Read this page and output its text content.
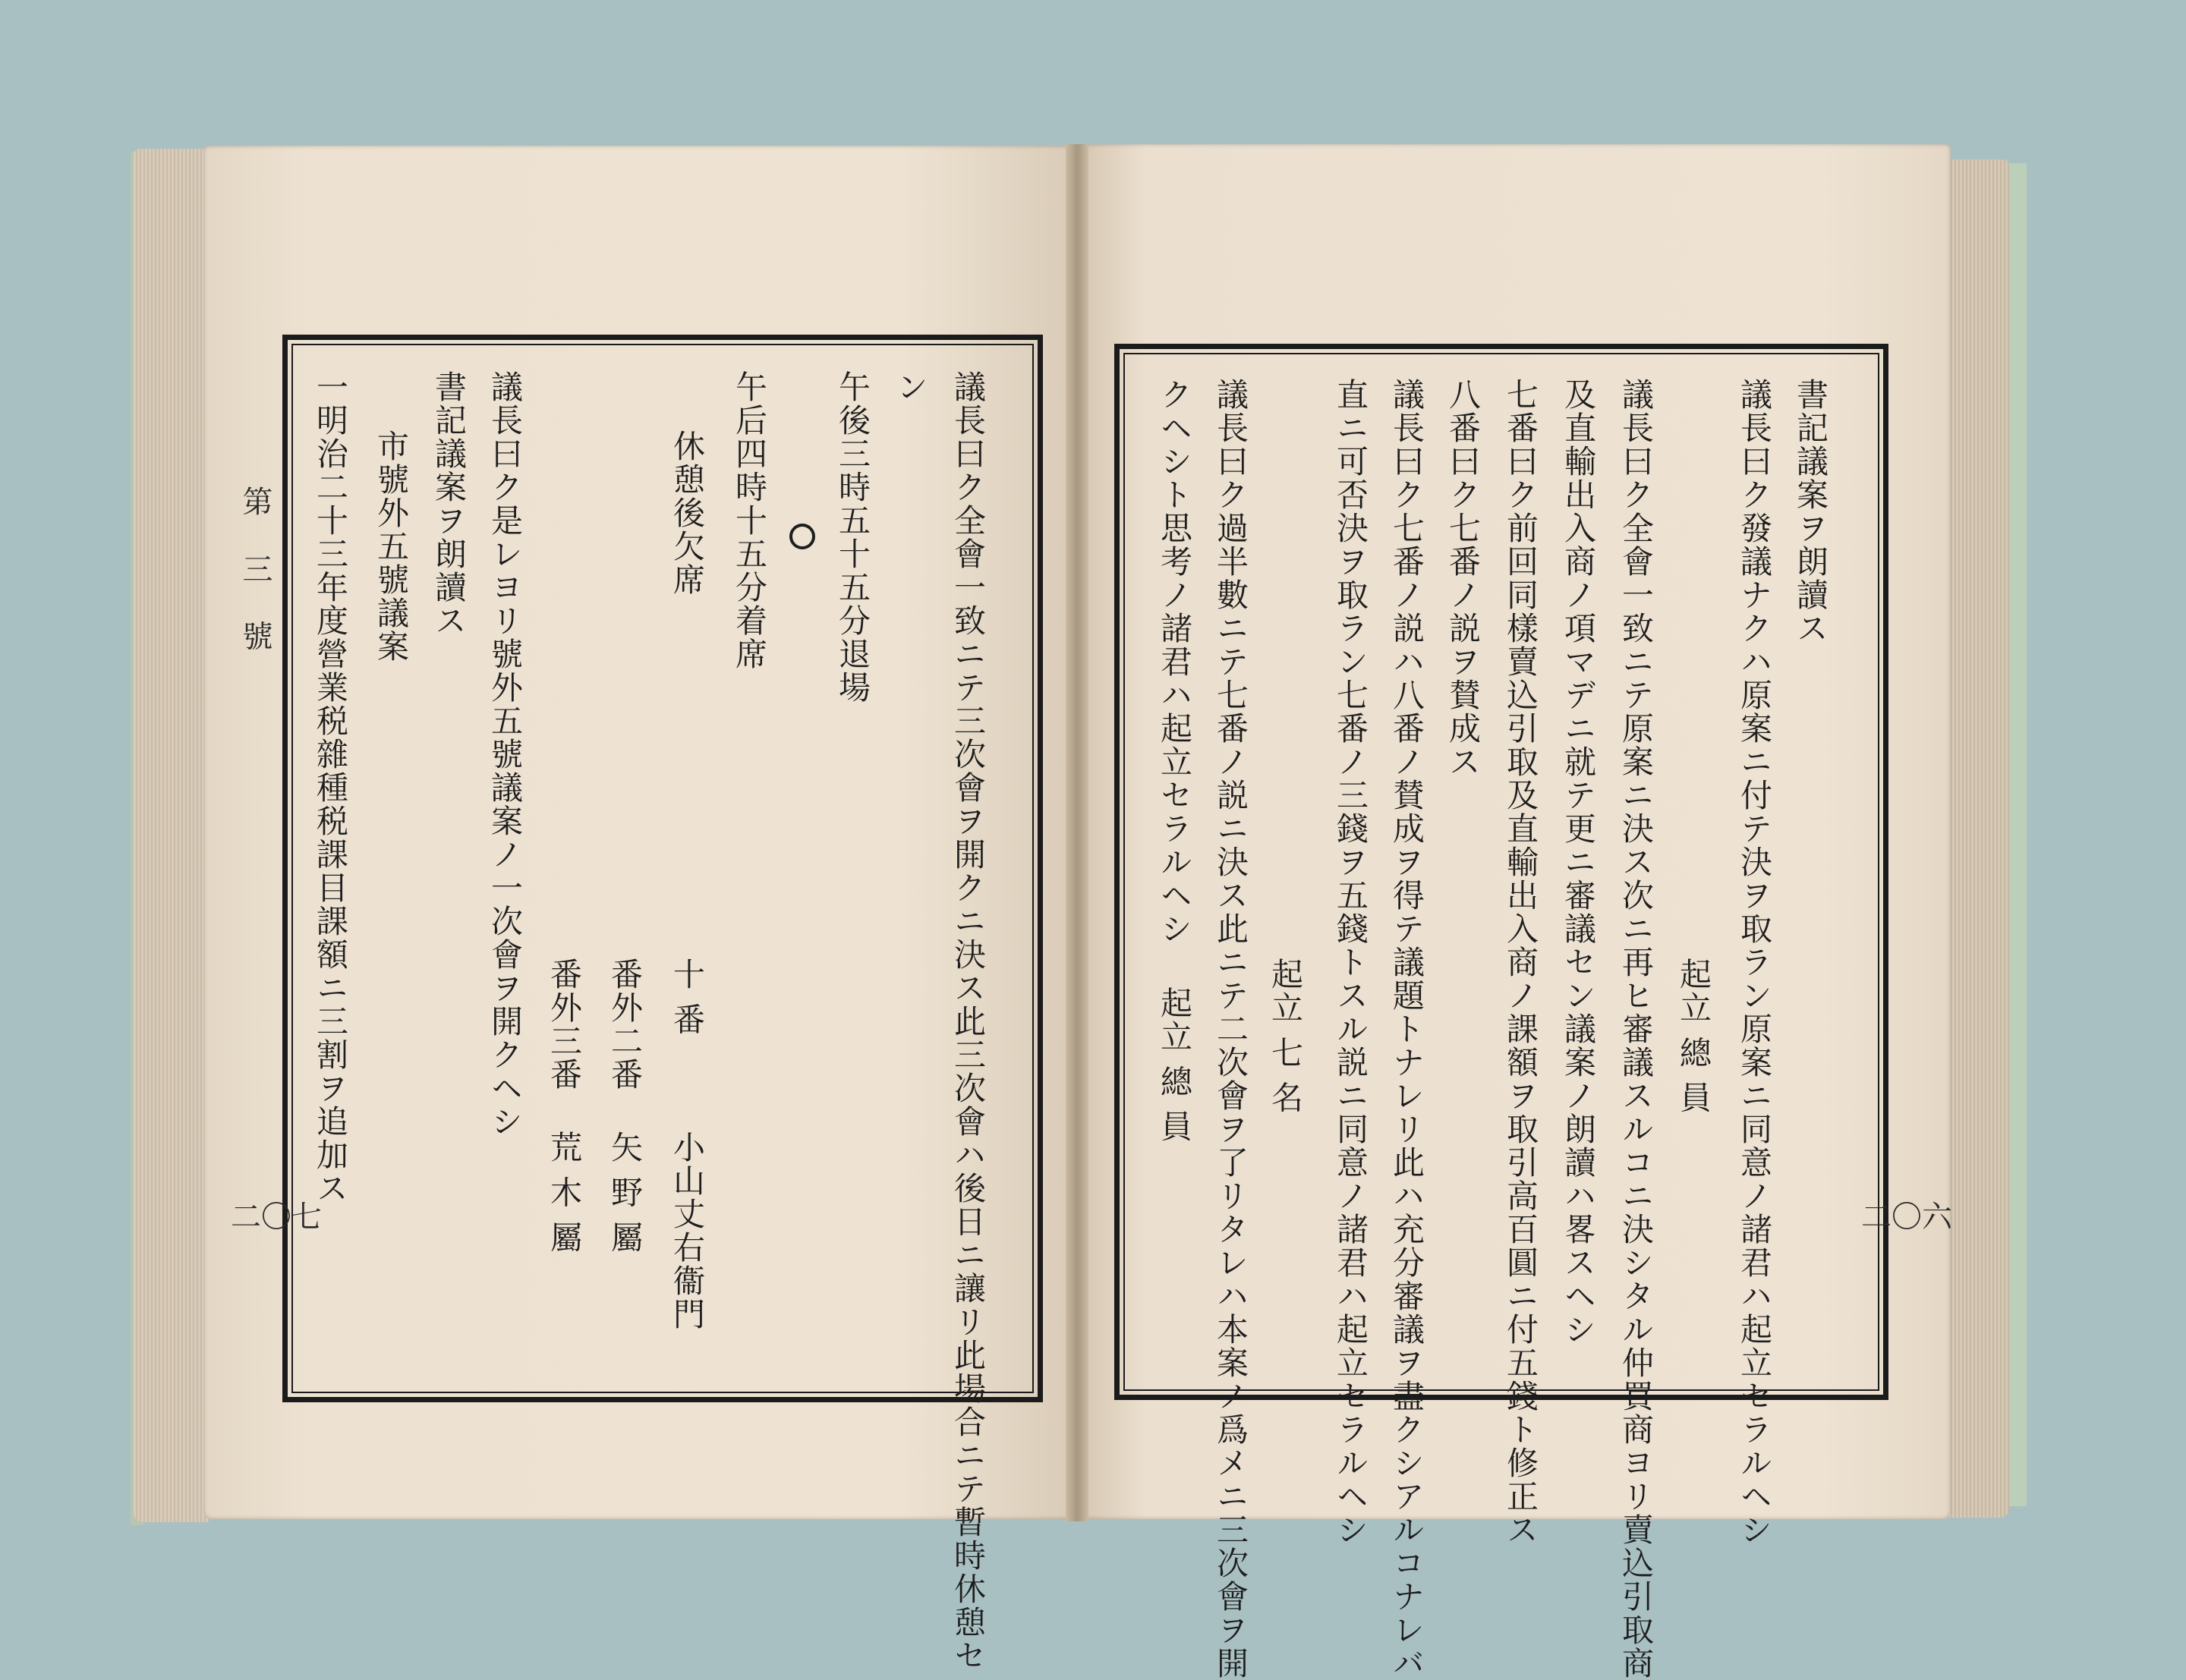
第 三 號
二〇七	議長曰ク全會一致ニテ三次會ヲ開クニ決ス此三次會ハ後日ニ讓リ此場合ニテ暫時休憩セ
ン
午後三時五十五分退場
午后四時十五分着席
休憩後欠席
十 番
小山丈右衞門
番外二番
矢 野 屬
番外三番
荒 木 屬
議長曰ク是レヨリ號外五號議案ノ一次會ヲ開クヘシ
書記議案ヲ朗讀ス
市號外五號議案
一明治二十三年度營業税雜種税課目課額ニ三割ヲ追加ス
二〇六
書記議案ヲ朗讀ス
議長曰ク發議ナクハ原案ニ付テ決ヲ取ラン原案ニ同意ノ諸君ハ起立セラルヘシ
起立 總 員
議長曰ク全會一致ニテ原案ニ決ス次ニ再ヒ審議スルコニ決シタル仲買商ヨリ賣込引取商
及直輸出入商ノ項マデニ就テ更ニ審議セン議案ノ朗讀ハ畧スヘシ
七番曰ク前回同樣賣込引取及直輸出入商ノ課額ヲ取引高百圓ニ付五錢ト修正ス
八番曰ク七番ノ説ヲ賛成ス
議長曰ク七番ノ説ハ八番ノ賛成ヲ得テ議題トナレリ此ハ充分審議ヲ盡クシアルコナレバ
直ニ可否決ヲ取ラン七番ノ三錢ヲ五錢トスル説ニ同意ノ諸君ハ起立セラルヘシ
起立 七 名
議長曰ク過半數ニテ七番ノ説ニ決ス此ニテ二次會ヲ了リタレハ本案ノ爲メニ三次會ヲ開
クヘシト思考ノ諸君ハ起立セラルヘシ
起立 總 員
